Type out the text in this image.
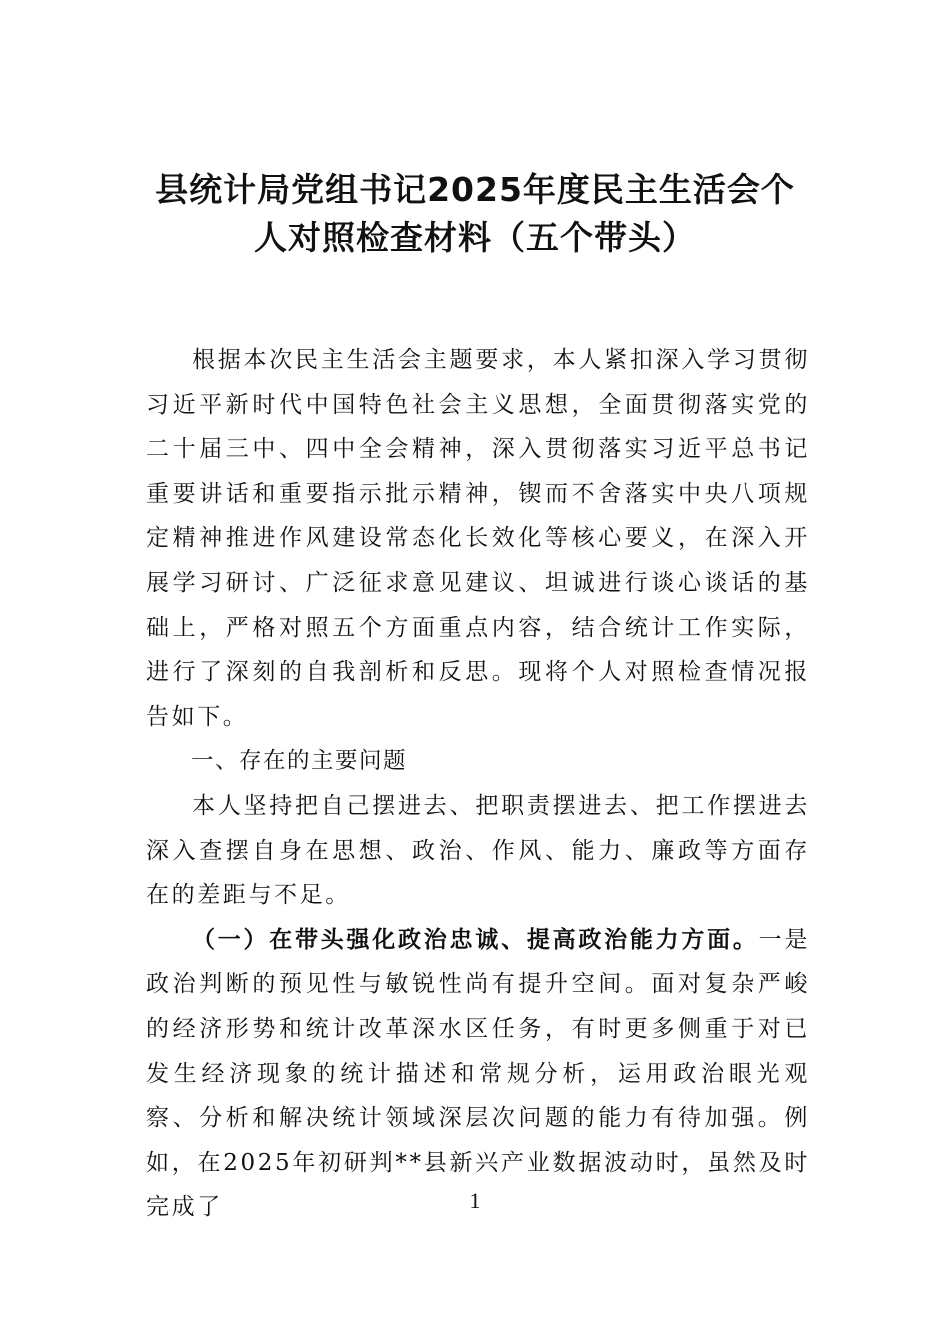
县统计局党组书记2025年度民主生活会个
人对照检查材料（五个带头）

根据本次民主生活会主题要求，本人紧扣深入学习贯彻习近平新时代中国特色社会主义思想，全面贯彻落实党的二十届三中、四中全会精神，深入贯彻落实习近平总书记重要讲话和重要指示批示精神，锲而不舍落实中央八项规定精神推进作风建设常态化长效化等核心要义，在深入开展学习研讨、广泛征求意见建议、坦诚进行谈心谈话的基础上，严格对照五个方面重点内容，结合统计工作实际，进行了深刻的自我剖析和反思。现将个人对照检查情况报告如下。

一、存在的主要问题

本人坚持把自己摆进去、把职责摆进去、把工作摆进去深入查摆自身在思想、政治、作风、能力、廉政等方面存在的差距与不足。

（一）在带头强化政治忠诚、提高政治能力方面。一是政治判断的预见性与敏锐性尚有提升空间。面对复杂严峻的经济形势和统计改革深水区任务，有时更多侧重于对已发生经济现象的统计描述和常规分析，运用政治眼光观察、分析和解决统计领域深层次问题的能力有待加强。例如，在2025年初研判**县新兴产业数据波动时，虽然及时完成了	1
